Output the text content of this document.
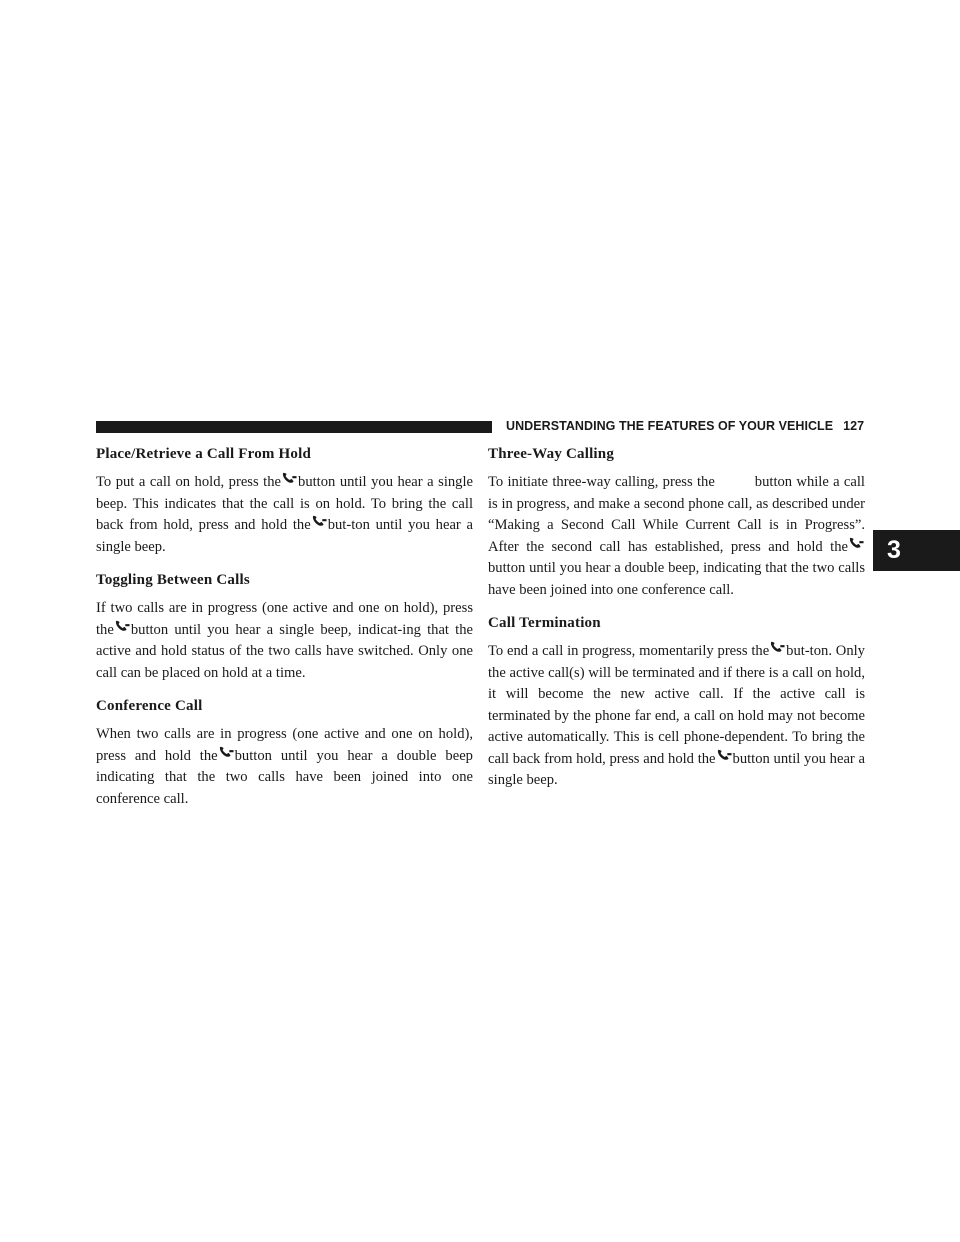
UNDERSTANDING THE FEATURES OF YOUR VEHICLE 127
3
Place/Retrieve a Call From Hold

To put a call on hold, press the button until you hear a single beep. This indicates that the call is on hold. To bring the call back from hold, press and hold the but-ton until you hear a single beep.

Toggling Between Calls

If two calls are in progress (one active and one on hold), press the button until you hear a single beep, indicat-ing that the active and hold status of the two calls have switched. Only one call can be placed on hold at a time.

Conference Call

When two calls are in progress (one active and one on hold), press and hold the button until you hear a double beep indicating that the two calls have been joined into one conference call.

Three-Way Calling

To initiate three-way calling, press the	button while a call is in progress, and make a second phone call, as described under “Making a Second Call While Current Call is in Progress”. After the second call has established, press and hold thebutton until you hear a double beep, indicating that the two calls have been joined into one conference call.

Call Termination

To end a call in progress, momentarily press the but-ton. Only the active call(s) will be terminated and if there is a call on hold, it will become the new active call. If the active call is terminated by the phone far end, a call on hold may not become active automatically. This is cell phone-dependent. To bring the call back from hold, press and hold the button until you hear a single beep.
